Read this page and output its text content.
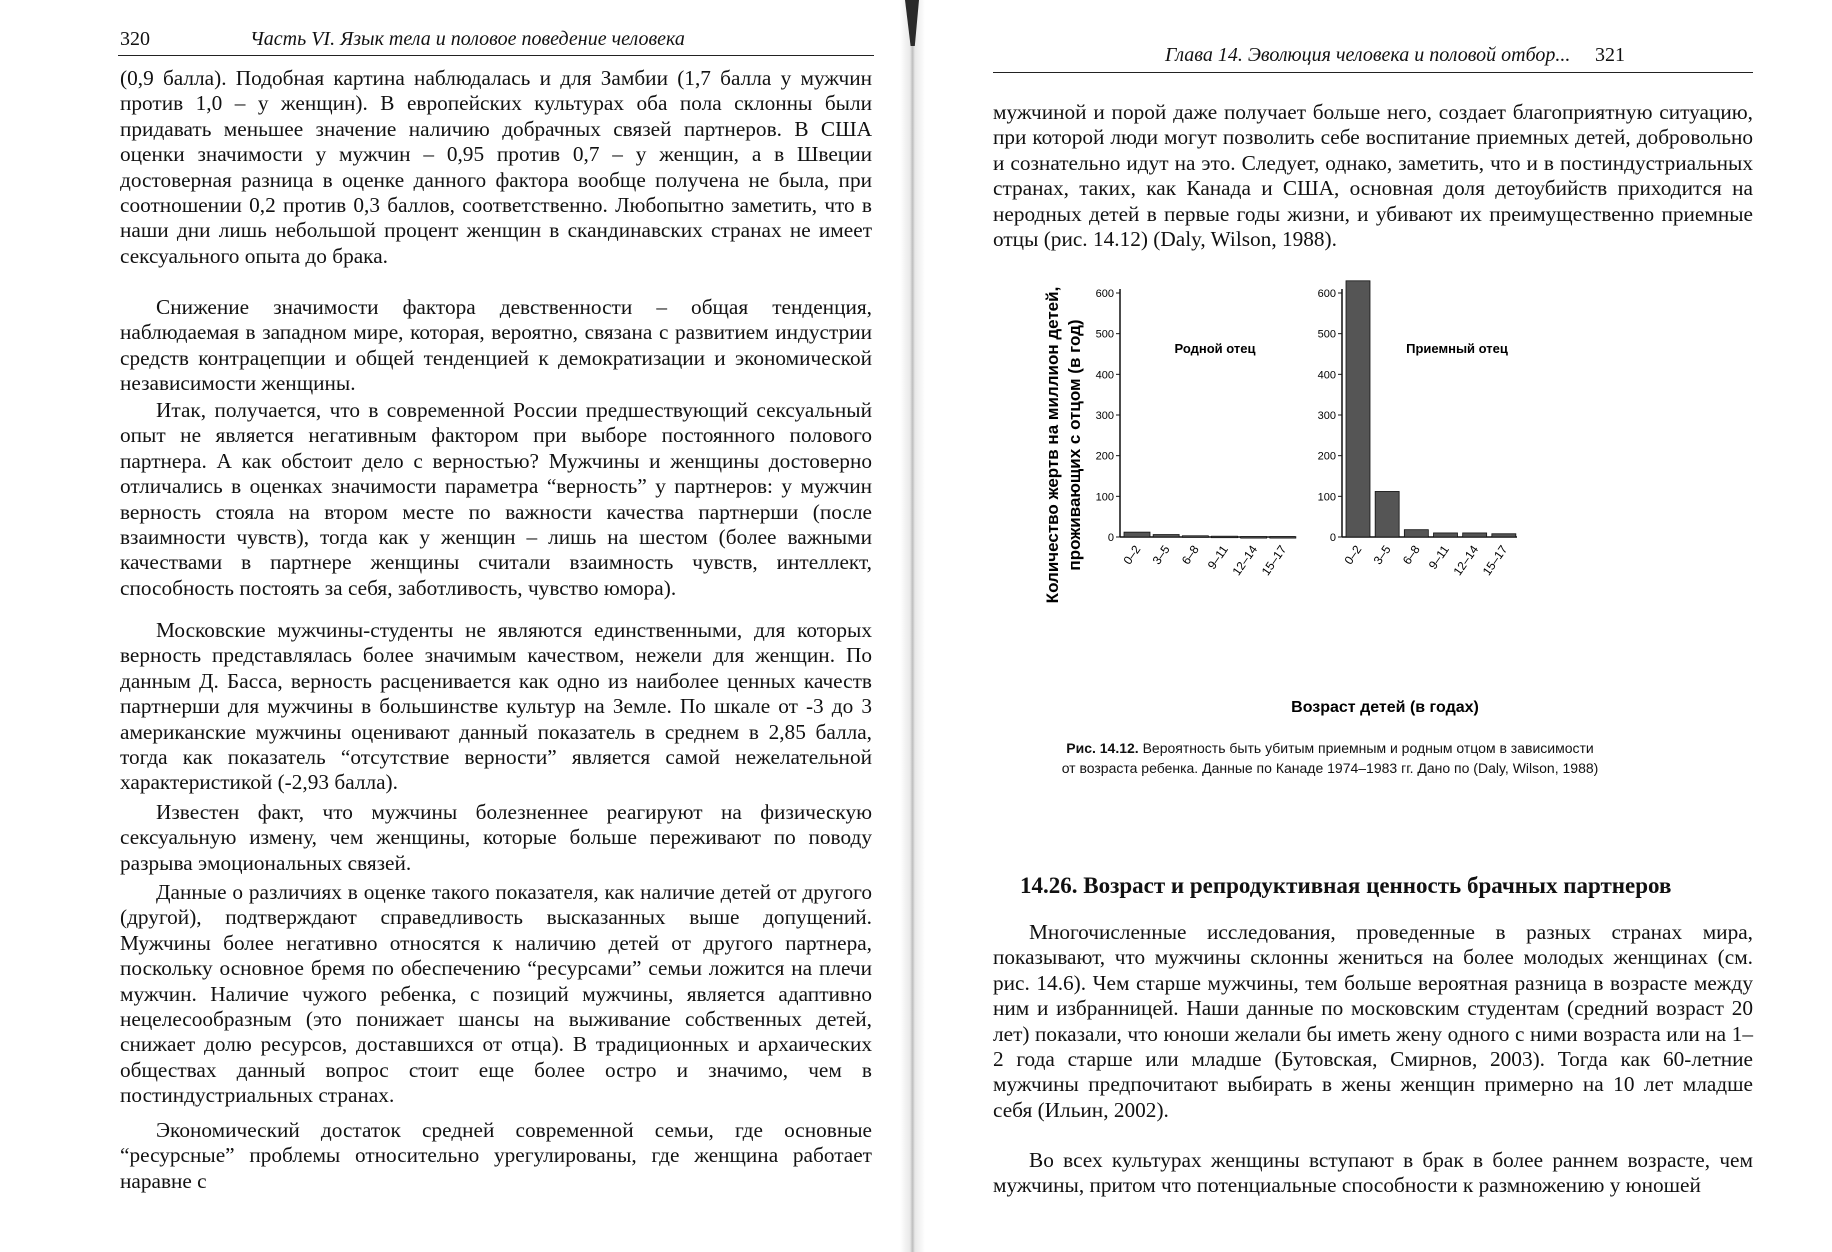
320	Часть VI. Язык тела и половое поведение человека

(0,9 балла). Подобная картина наблюдалась и для Замбии (1,7 балла у мужчин против 1,0 – у женщин). В европейских культурах оба пола склонны были придавать меньшее значение наличию добрачных связей партнеров. В США оценки значимости у мужчин – 0,95 против 0,7 – у женщин, а в Швеции достоверная разница в оценке данного фактора вообще получена не была, при соотношении 0,2 против 0,3 баллов, соответственно. Любопытно заметить, что в наши дни лишь небольшой процент женщин в скандинавских странах не имеет сексуального опыта до брака.

Снижение значимости фактора девственности – общая тенденция, наблюдаемая в западном мире, которая, вероятно, связана с развитием индустрии средств контрацепции и общей тенденцией к демократизации и экономической независимости женщины.

Итак, получается, что в современной России предшествующий сексуальный опыт не является негативным фактором при выборе постоянного полового партнера. А как обстоит дело с верностью? Мужчины и женщины достоверно отличались в оценках значимости параметра “верность” у партнеров: у мужчин верность стояла на втором месте по важности качества партнерши (после взаимности чувств), тогда как у женщин – лишь на шестом (более важными качествами в партнере женщины считали взаимность чувств, интеллект, способность постоять за себя, заботливость, чувство юмора).

Московские мужчины-студенты не являются единственными, для которых верность представлялась более значимым качеством, нежели для женщин. По данным Д. Басса, верность расценивается как одно из наиболее ценных качеств партнерши для мужчины в большинстве культур на Земле. По шкале от -3 до 3 американские мужчины оценивают данный показатель в среднем в 2,85 балла, тогда как показатель “отсутствие верности” является самой нежелательной характеристикой (-2,93 балла).

Известен факт, что мужчины болезненнее реагируют на физическую сексуальную измену, чем женщины, которые больше переживают по поводу разрыва эмоциональных связей.

Данные о различиях в оценке такого показателя, как наличие детей от другого (другой), подтверждают справедливость высказанных выше допущений. Мужчины более негативно относятся к наличию детей от другого партнера, поскольку основное бремя по обеспечению “ресурсами” семьи ложится на плечи мужчин. Наличие чужого ребенка, с позиций мужчины, является адаптивно нецелесообразным (это понижает шансы на выживание собственных детей, снижает долю ресурсов, доставшихся от отца). В традиционных и архаических обществах данный вопрос стоит еще более остро и значимо, чем в постиндустриальных странах.

Экономический достаток средней современной семьи, где основные “ресурсные” проблемы относительно урегулированы, где женщина работает наравне с

Глава 14. Эволюция человека и половой отбор... 321

мужчиной и порой даже получает больше него, создает благоприятную ситуацию, при которой люди могут позволить себе воспитание приемных детей, добровольно и сознательно идут на это. Следует, однако, заметить, что и в постиндустриальных странах, таких, как Канада и США, основная доля детоубийств приходится на неродных детей в первые годы жизни, и убивают их преимущественно приемные отцы (рис. 14.12) (Daly, Wilson, 1988).

Количество жертв на миллион детей, проживающих с отцом (в год) 0
100
200
300
400
500
600
Родной отец
0–2 3–5 6–8 9–11
12–14
15–17
0
100
200
300
400
500
600
Приемный отец
0–2 3–5 6–8 9–11
12–14
15–17
Возраст детей (в годах)
Рис. 14.12. Вероятность быть убитым приемным и родным отцом в зависимости
от возраста ребенка. Данные по Канаде 1974–1983 гг. Дано по (Daly, Wilson, 1988)
14.26. Возраст и репродуктивная ценность брачных партнеров

Многочисленные исследования, проведенные в разных странах мира, показывают, что мужчины склонны жениться на более молодых женщинах (см. рис. 14.6). Чем старше мужчины, тем больше вероятная разница в возрасте между ним и избранницей. Наши данные по московским студентам (средний возраст 20 лет) показали, что юноши желали бы иметь жену одного с ними возраста или на 1–2 года старше или младше (Бутовская, Смирнов, 2003). Тогда как 60-летние мужчины предпочитают выбирать в жены женщин примерно на 10 лет младше себя (Ильин, 2002).

Во всех культурах женщины вступают в брак в более раннем возрасте, чем мужчины, притом что потенциальные способности к размножению у юношей
